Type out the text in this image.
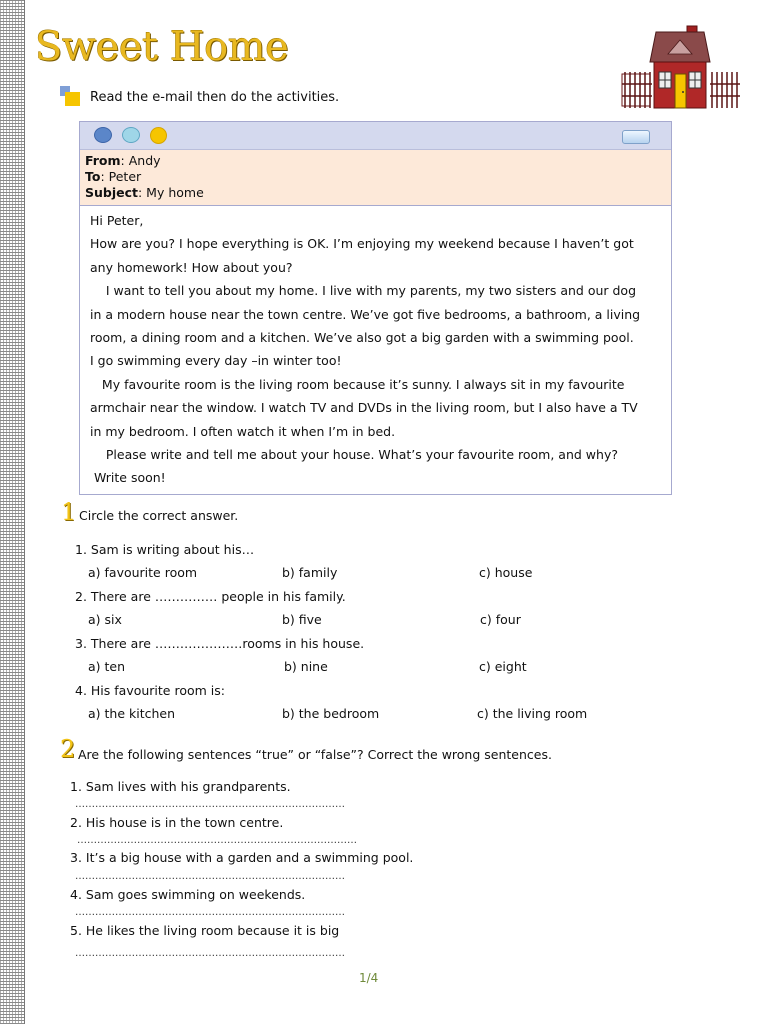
Sweet Home
Read the e-mail then do the activities.
From: Andy
To: Peter
Subject: My home

Hi Peter,

How are you? I hope everything is OK. I’m enjoying my weekend because I haven’t got

any homework! How about you?

I want to tell you about my home. I live with my parents, my two sisters and our dog

in a modern house near the town centre. We’ve got five bedrooms, a bathroom, a living

room, a dining room and a kitchen. We’ve also got a big garden with a swimming pool.

I go swimming every day –in winter too!

My favourite room is the living room because it’s sunny. I always sit in my favourite

armchair near the window. I watch TV and DVDs in the living room, but I also have a TV

in my bedroom. I often watch it when I’m in bed.

Please write and tell me about your house. What’s your favourite room, and why?

Write soon!

1 Circle the correct answer.
1. Sam is writing about his…
a) favourite room	b) family	c) house
2. There are …………… people in his family.
a) six	b) five	c) four
3. There are …………………rooms in his house.
a) ten	b) nine	c) eight
4. His favourite room is:
a) the kitchen	b) the bedroom	c) the living room
2 Are the following sentences “true” or “false”? Correct the wrong sentences.
1. Sam lives with his grandparents.
………………………………………………………………………
2. His house is in the town centre.
…………………………………………………………………………
3. It’s a big house with a garden and a swimming pool.
………………………………………………………………………
4. Sam goes swimming on weekends.
………………………………………………………………………
5. He likes the living room because it is big
………………………………………………………………………
1/4
